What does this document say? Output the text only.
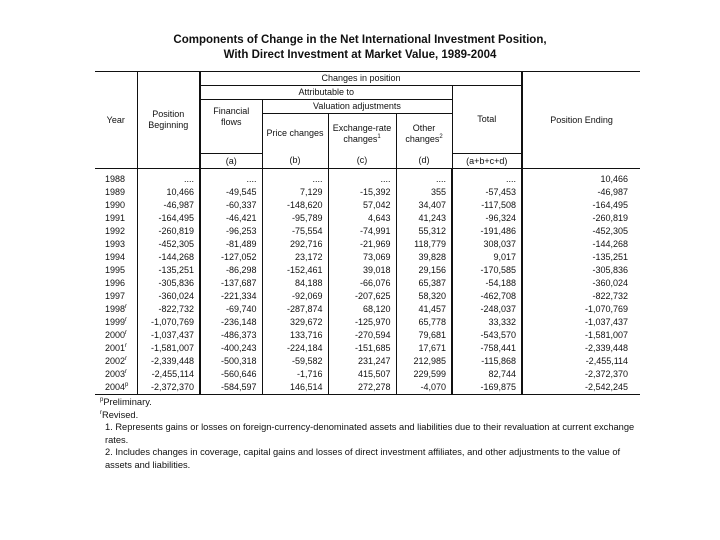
Components of Change in the Net International Investment Position,
With Direct Investment at Market Value, 1989-2004
Year	Position Beginning	Changes in position					Position Ending
		Attributable to				Total	
		Financial flows	Valuation adjustments				
			Price changes	Exchange-rate changes$^1$	Other changes$^2$
		(a)	(b)	(c)	(d)	(a+b+c+d)	
1988	....	....	....	....	....	....	10,466
1989	10,466	-49,545	7,129	-15,392	355	-57,453	-46,987
1990	-46,987	-60,337	-148,620	57,042	34,407	-117,508	-164,495
1991	-164,495	-46,421	-95,789	4,643	41,243	-96,324	-260,819
1992	-260,819	-96,253	-75,554	-74,991	55,312	-191,486	-452,305
1993	-452,305	-81,489	292,716	-21,969	118,779	308,037	-144,268
1994	-144,268	-127,052	23,172	73,069	39,828	9,017	-135,251
1995	-135,251	-86,298	-152,461	39,018	29,156	-170,585	-305,836
1996	-305,836	-137,687	84,188	-66,076	65,387	-54,188	-360,024
1997	-360,024	-221,334	-92,069	-207,625	58,320	-462,708	-822,732
1998$^r$	-822,732	-69,740	-287,874	68,120	41,457	-248,037	-1,070,769
1999$^r$	-1,070,769	-236,148	329,672	-125,970	65,778	33,332	-1,037,437
2000$^r$	-1,037,437	-486,373	133,716	-270,594	79,681	-543,570	-1,581,007
2001$^r$	-1,581,007	-400,243	-224,184	-151,685	17,671	-758,441	-2,339,448
2002$^r$	-2,339,448	-500,318	-59,582	231,247	212,985	-115,868	-2,455,114
2003$^r$	-2,455,114	-560,646	-1,716	415,507	229,599	82,744	-2,372,370
2004$^p$	-2,372,370	-584,597	146,514	272,278	-4,070	-169,875	-2,542,245
$^p$Preliminary.
$^r$Revised.
1. Represents gains or losses on foreign-currency-denominated assets and liabilities due to their revaluation at current exchange rates.
2. Includes changes in coverage, capital gains and losses of direct investment affiliates, and other adjustments to the value of assets and liabilities.
